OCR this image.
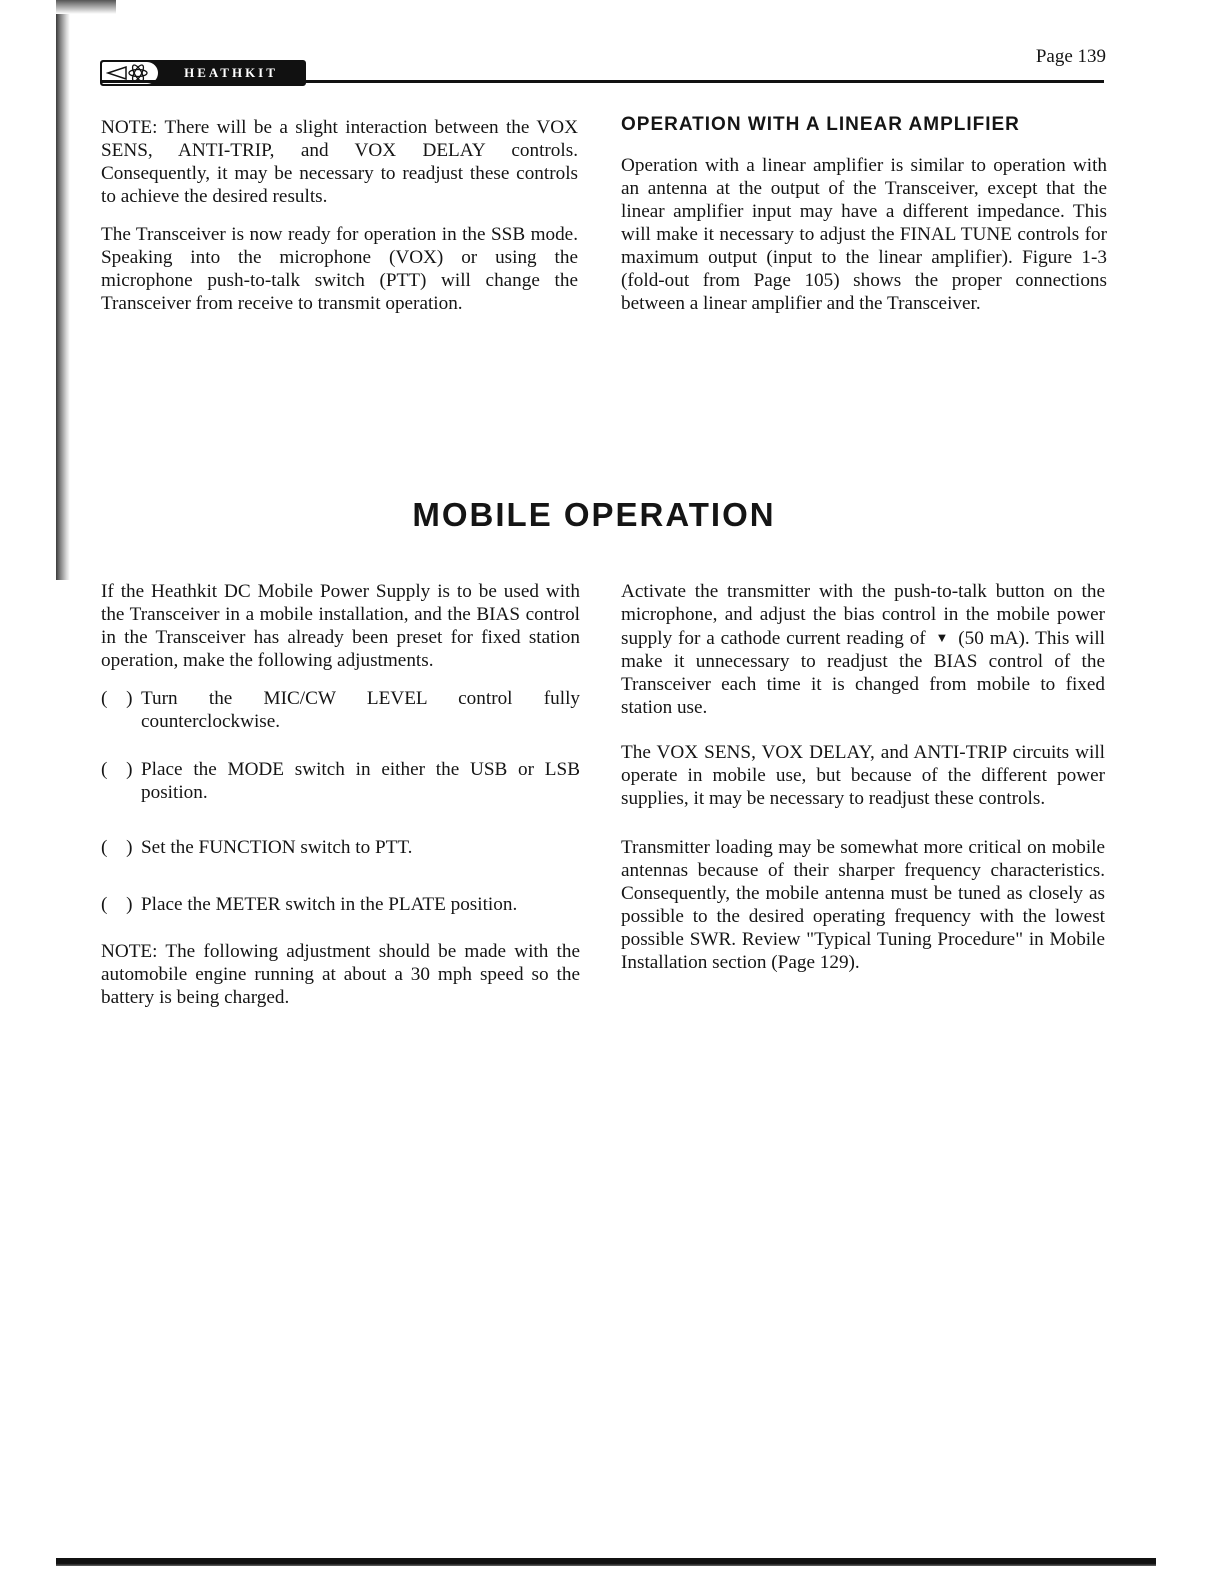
HEATHKIT
Page 139

NOTE: There will be a slight interaction between the VOX SENS, ANTI-TRIP, and VOX DELAY controls. Consequently, it may be necessary to readjust these controls to achieve the desired results.

The Transceiver is now ready for operation in the SSB mode. Speaking into the microphone (VOX) or using the microphone push-to-talk switch (PTT) will change the Transceiver from receive to transmit operation.

OPERATION WITH A LINEAR AMPLIFIER

Operation with a linear amplifier is similar to operation with an antenna at the output of the Transceiver, except that the linear amplifier input may have a different impedance. This will make it necessary to adjust the FINAL TUNE controls for maximum output (input to the linear amplifier). Figure 1-3 (fold-out from Page 105) shows the proper connections between a linear amplifier and the Transceiver.

MOBILE OPERATION

If the Heathkit DC Mobile Power Supply is to be used with the Transceiver in a mobile installation, and the BIAS control in the Transceiver has already been preset for fixed station operation, make the following adjustments.

( ) Turn the MIC/CW LEVEL control fully counterclockwise.
( ) Place the MODE switch in either the USB or LSB position.
( ) Set the FUNCTION switch to PTT.
( ) Place the METER switch in the PLATE position.

NOTE: The following adjustment should be made with the automobile engine running at about a 30 mph speed so the battery is being charged.

Activate the transmitter with the push-to-talk button on the microphone, and adjust the bias control in the mobile power supply for a cathode current reading of ▼ (50 mA). This will make it unnecessary to readjust the BIAS control of the Transceiver each time it is changed from mobile to fixed station use.

The VOX SENS, VOX DELAY, and ANTI-TRIP circuits will operate in mobile use, but because of the different power supplies, it may be necessary to readjust these controls.

Transmitter loading may be somewhat more critical on mobile antennas because of their sharper frequency characteristics. Consequently, the mobile antenna must be tuned as closely as possible to the desired operating frequency with the lowest possible SWR. Review "Typical Tuning Procedure" in Mobile Installation section (Page 129).
